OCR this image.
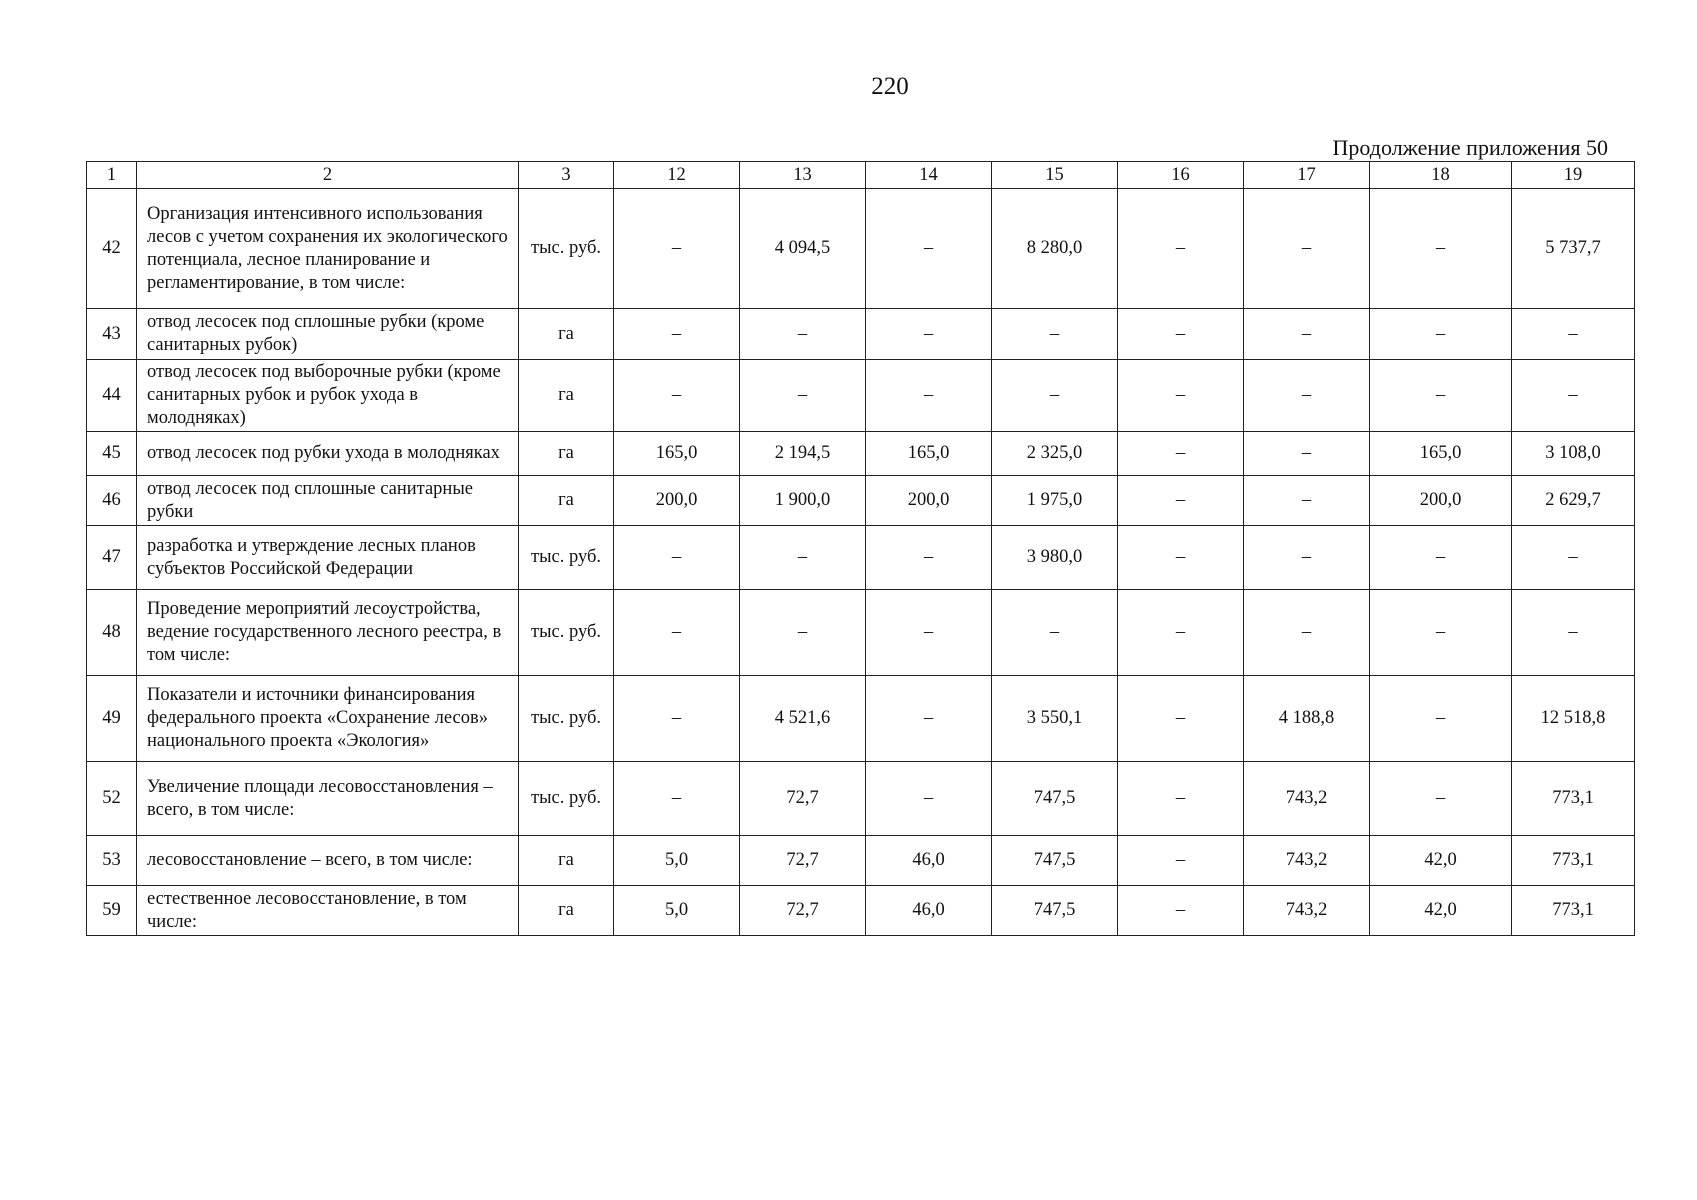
220
Продолжение приложения 50
1	2	3	12	13	14	15	16	17	18	19
42	Организация интенсивного использования лесов с учетом сохранения их экологического потенциала, лесное планирование и регламентирование, в том числе:	тыс. руб.	–	4 094,5	–	8 280,0	–	–	–	5 737,7
43	отвод лесосек под сплошные рубки (кроме санитарных рубок)	га	–	–	–	–	–	–	–	–
44	отвод лесосек под выборочные рубки (кроме санитарных рубок и рубок ухода в молодняках)	га	–	–	–	–	–	–	–	–
45	отвод лесосек под рубки ухода в молодняках	га	165,0	2 194,5	165,0	2 325,0	–	–	165,0	3 108,0
46	отвод лесосек под сплошные санитарные рубки	га	200,0	1 900,0	200,0	1 975,0	–	–	200,0	2 629,7
47	разработка и утверждение лесных планов субъектов Российской Федерации	тыс. руб.	–	–	–	3 980,0	–	–	–	–
48	Проведение мероприятий лесоустройства, ведение государственного лесного реестра, в том числе:	тыс. руб.	–	–	–	–	–	–	–	–
49	Показатели и источники финансирования федерального проекта «Сохранение лесов» национального проекта «Экология»	тыс. руб.	–	4 521,6	–	3 550,1	–	4 188,8	–	12 518,8
52	Увеличение площади лесовосстановления – всего, в том числе:	тыс. руб.	–	72,7	–	747,5	–	743,2	–	773,1
53	лесовосстановление – всего, в том числе:	га	5,0	72,7	46,0	747,5	–	743,2	42,0	773,1
59	естественное лесовосстановление, в том числе:	га	5,0	72,7	46,0	747,5	–	743,2	42,0	773,1
